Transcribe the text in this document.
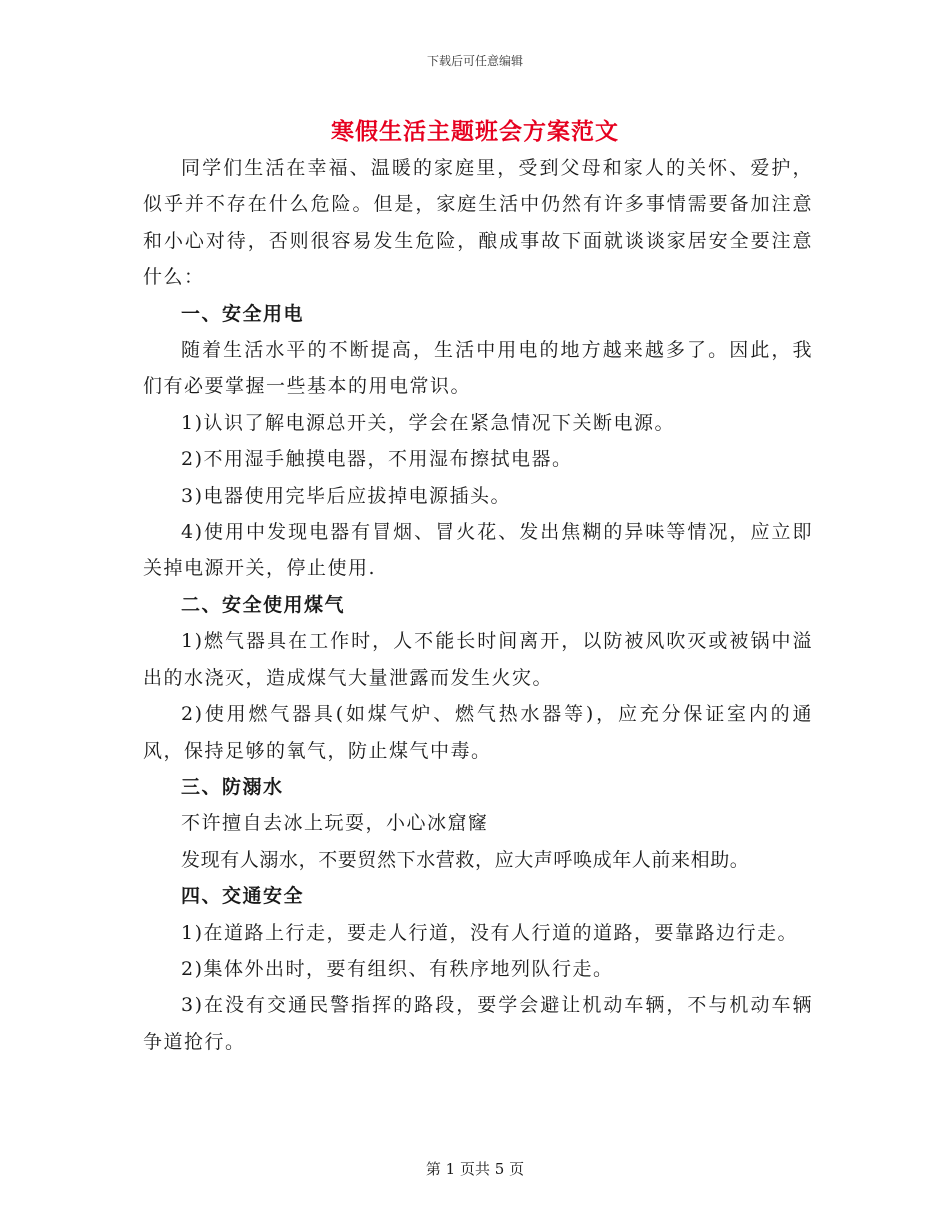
下载后可任意编辑
寒假生活主题班会方案范文

同学们生活在幸福、温暖的家庭里，受到父母和家人的关怀、爱护，似乎并不存在什么危险。但是，家庭生活中仍然有许多事情需要备加注意和小心对待，否则很容易发生危险，酿成事故下面就谈谈家居安全要注意什么：

一、安全用电

随着生活水平的不断提高，生活中用电的地方越来越多了。因此，我们有必要掌握一些基本的用电常识。

1)认识了解电源总开关，学会在紧急情况下关断电源。

2)不用湿手触摸电器，不用湿布擦拭电器。

3)电器使用完毕后应拔掉电源插头。

4)使用中发现电器有冒烟、冒火花、发出焦糊的异味等情况，应立即关掉电源开关，停止使用.

二、安全使用煤气

1)燃气器具在工作时，人不能长时间离开，以防被风吹灭或被锅中溢出的水浇灭，造成煤气大量泄露而发生火灾。

2)使用燃气器具(如煤气炉、燃气热水器等)，应充分保证室内的通风，保持足够的氧气，防止煤气中毒。

三、防溺水

不许擅自去冰上玩耍，小心冰窟窿

发现有人溺水，不要贸然下水营救，应大声呼唤成年人前来相助。

四、交通安全

1)在道路上行走，要走人行道，没有人行道的道路，要靠路边行走。

2)集体外出时，要有组织、有秩序地列队行走。

3)在没有交通民警指挥的路段，要学会避让机动车辆，不与机动车辆争道抢行。

第 1 页共 5 页
